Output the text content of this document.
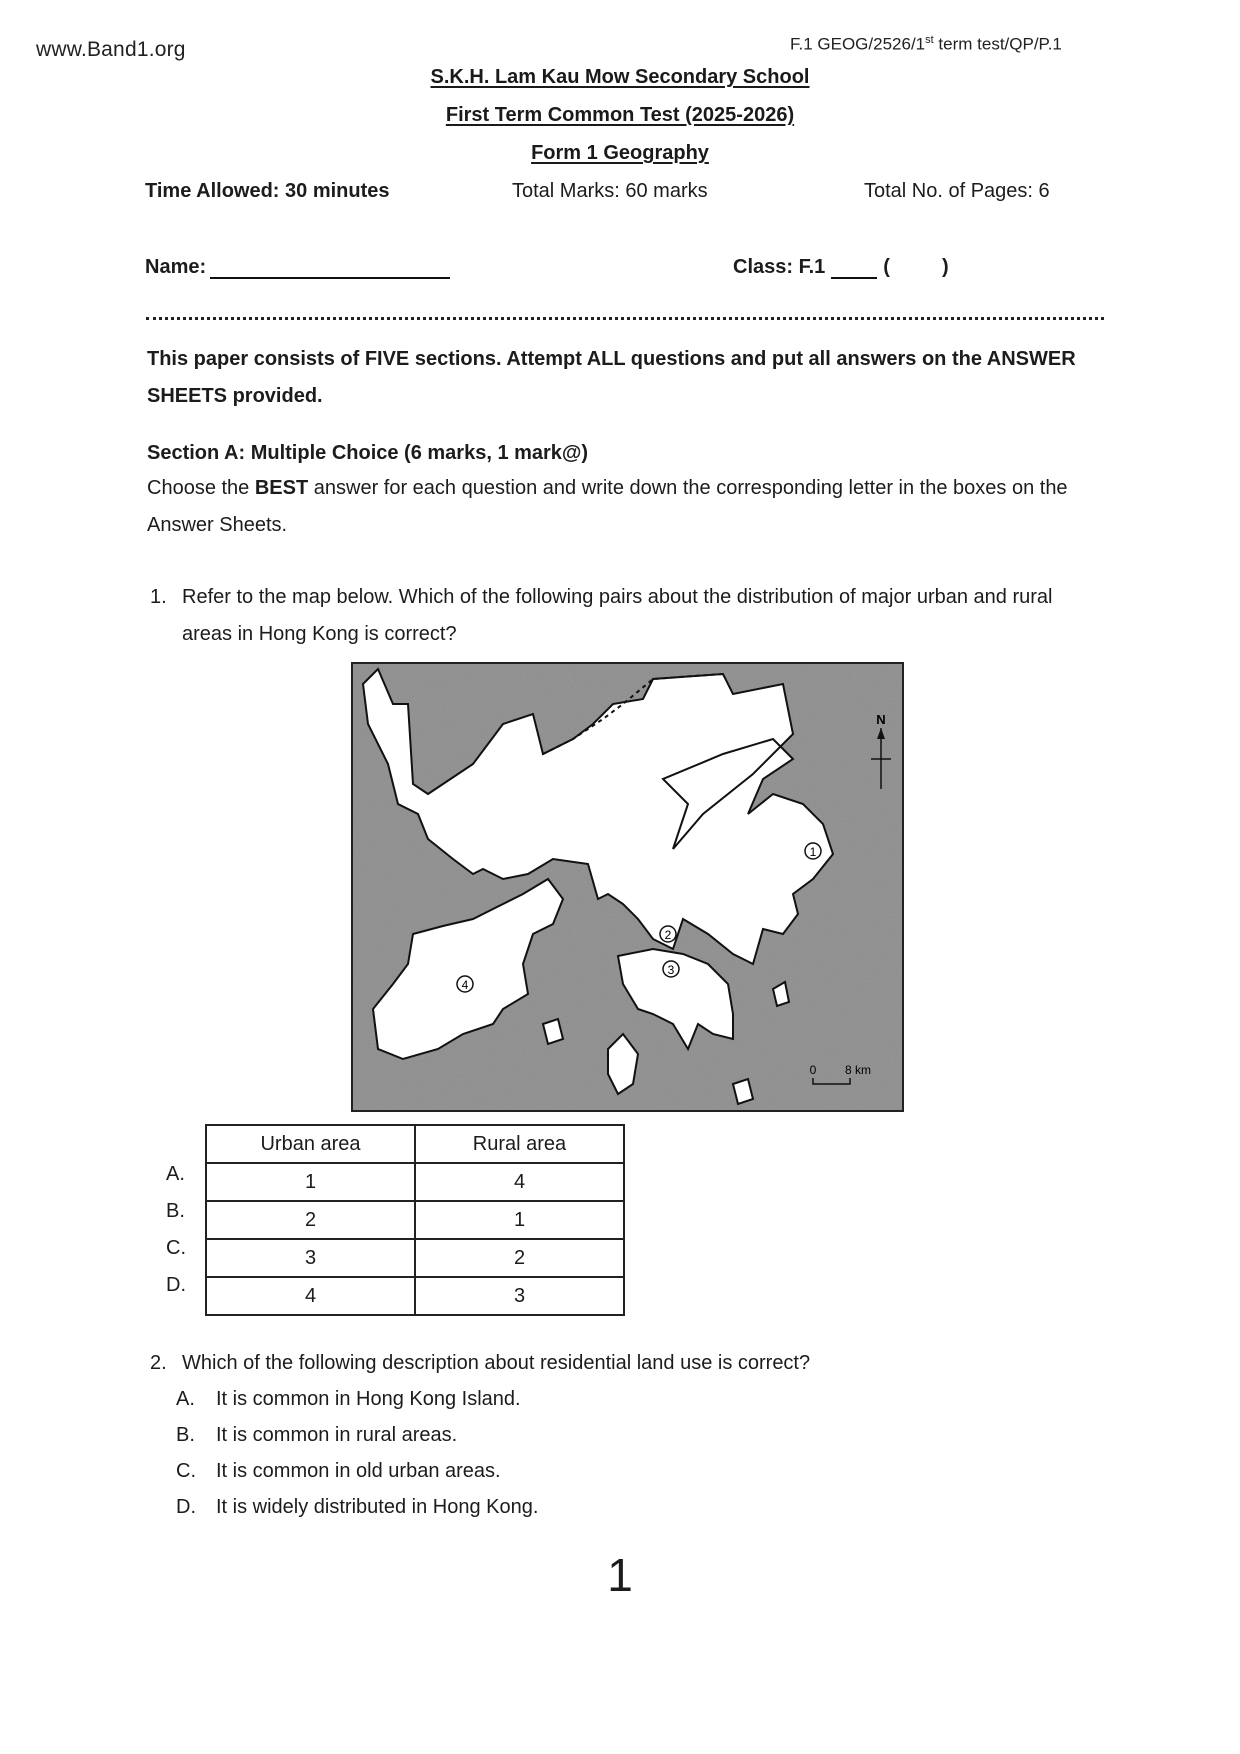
www.Band1.org	F.1 GEOG/2526/1st term test/QP/P.1
S.K.H. Lam Kau Mow Secondary School
First Term Common Test (2025-2026)
Form 1 Geography
Time Allowed: 30 minutes	Total Marks: 60 marks	Total No. of Pages: 6
Name:	Class: F.1	(	)
This paper consists of FIVE sections. Attempt ALL questions and put all answers on the ANSWER SHEETS provided.
Section A: Multiple Choice (6 marks, 1 mark@)
Choose the BEST answer for each question and write down the corresponding letter in the boxes on the Answer Sheets.
1. Refer to the map below. Which of the following pairs about the distribution of major urban and rural areas in Hong Kong is correct?
1
2
3
4
N
0 8 km
Urban area	Rural area
1	4
2	1
3	2
4	3
A.
B.
C.
D.
2. Which of the following description about residential land use is correct?
A.	It is common in Hong Kong Island.
B.	It is common in rural areas.
C.	It is common in old urban areas.
D.	It is widely distributed in Hong Kong.
1
